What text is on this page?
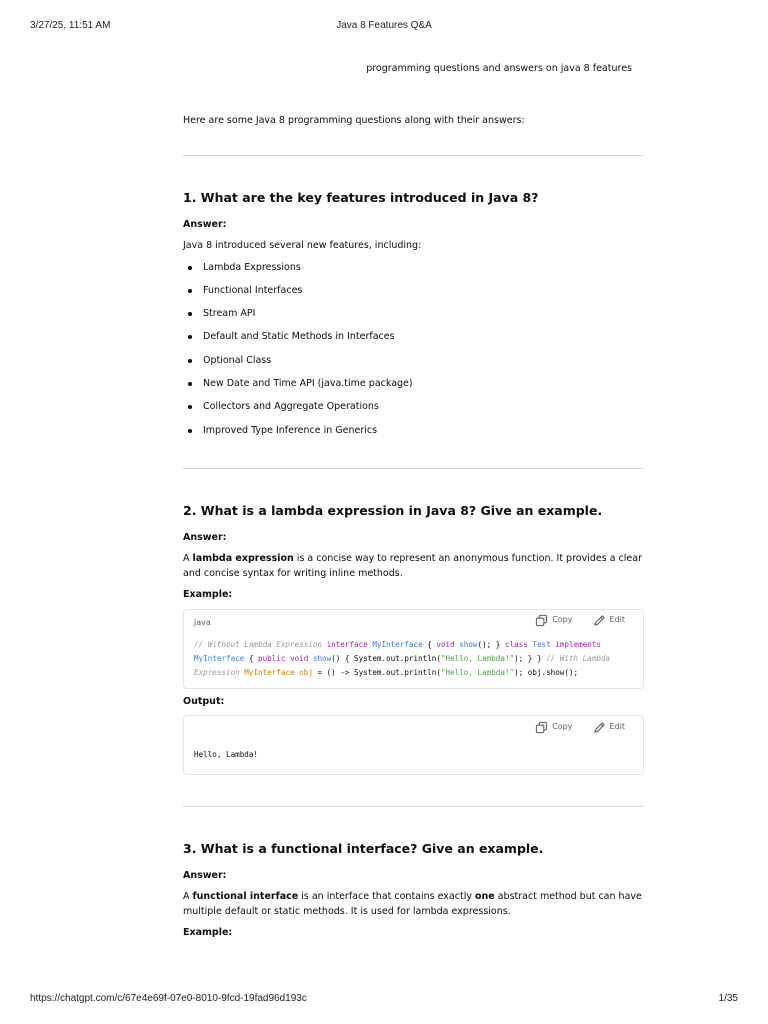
3/27/25, 11:51 AM	Java 8 Features Q&A
programming questions and answers on java 8 features

Here are some Java 8 programming questions along with their answers:

1. What are the key features introduced in Java 8?

Answer:

Java 8 introduced several new features, including:

Lambda Expressions
Functional Interfaces
Stream API
Default and Static Methods in Interfaces
Optional Class
New Date and Time API (java.time package)
Collectors and Aggregate Operations
Improved Type Inference in Generics
2. What is a lambda expression in Java 8? Give an example.

Answer:

A lambda expression is a concise way to represent an anonymous function. It provides a clear and concise syntax for writing inline methods.

Example:

java	Copy	Edit
// Without Lambda Expression interface MyInterface { void show(); } class Test implements MyInterface { public void show() { System.out.println("Hello, Lambda!"); } } // With Lambda Expression MyInterface obj = () -> System.out.println("Hello, Lambda!"); obj.show();

Output:

Copy	Edit
Hello, Lambda!
3. What is a functional interface? Give an example.

Answer:

A functional interface is an interface that contains exactly one abstract method but can have multiple default or static methods. It is used for lambda expressions.

Example:

https://chatgpt.com/c/67e4e69f-07e0-8010-9fcd-19fad96d193c	1/35
